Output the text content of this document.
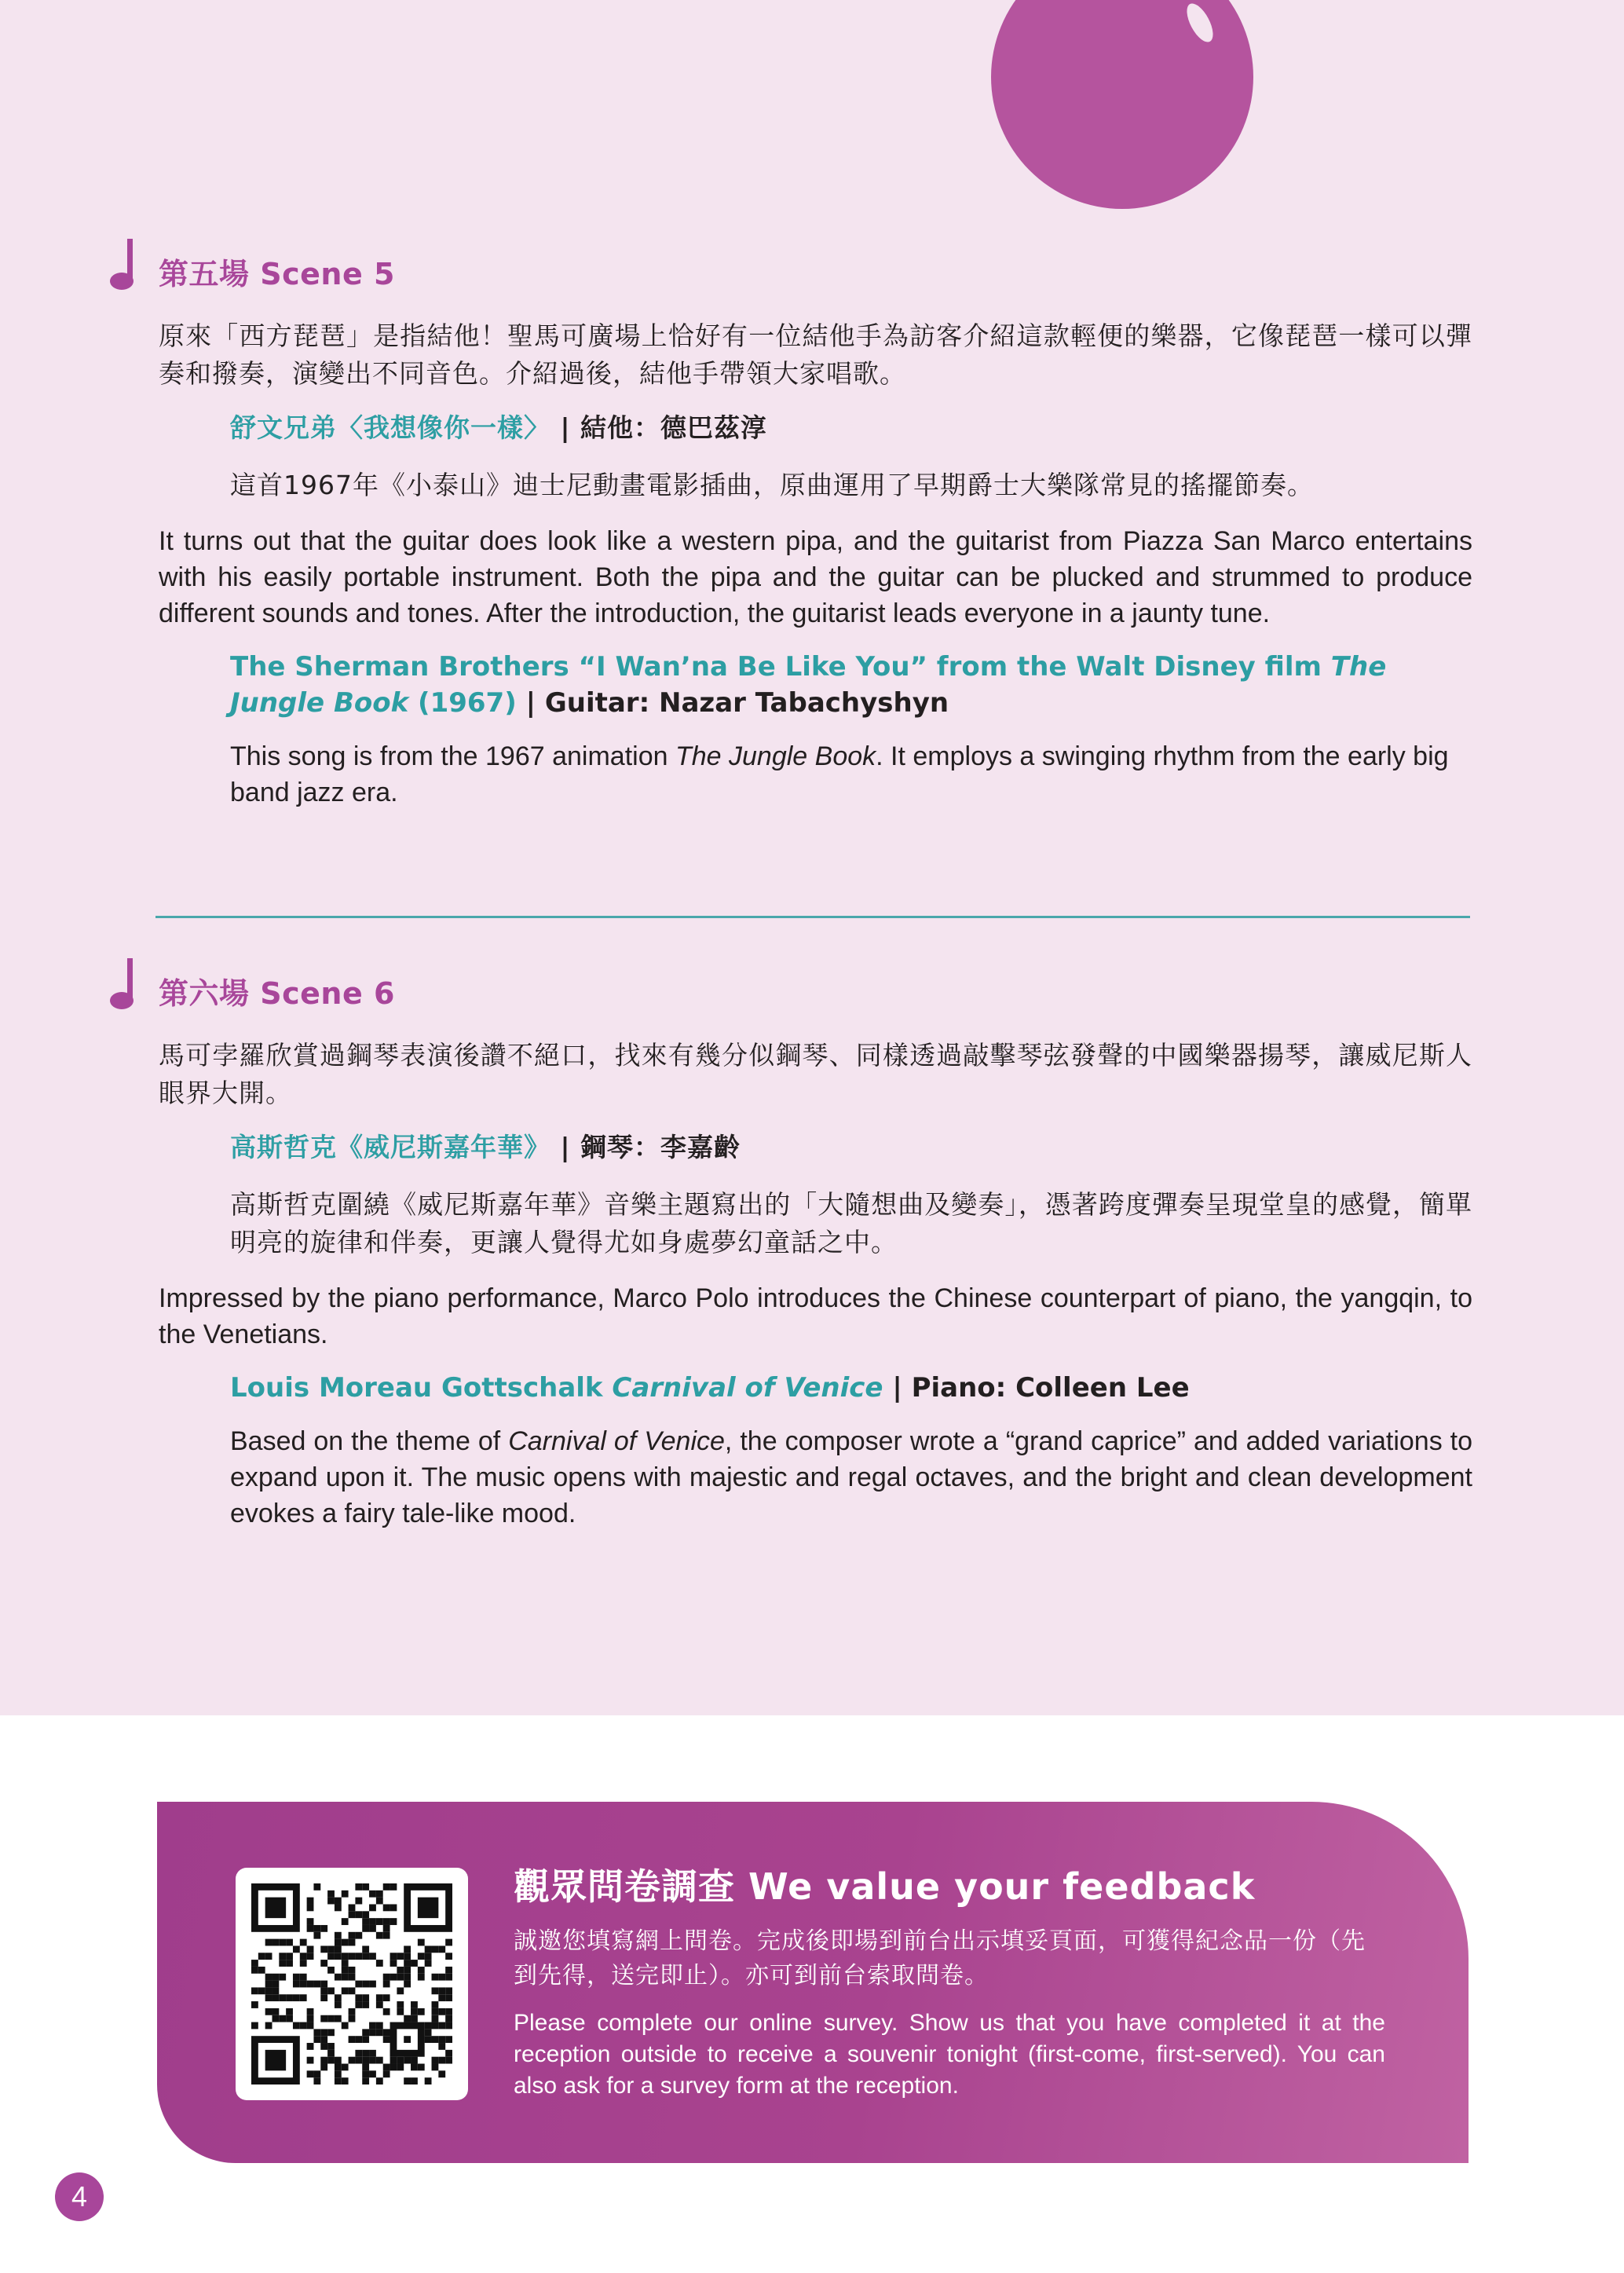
第五場 Scene 5

原來「西方琵琶」是指結他！聖馬可廣場上恰好有一位結他手為訪客介紹這款輕便的樂器，它像琵琶一樣可以彈奏和撥奏，演變出不同音色。介紹過後，結他手帶領大家唱歌。

舒文兄弟〈我想像你一樣〉 | 結他：德巴茲淳

這首1967年《小泰山》迪士尼動畫電影插曲，原曲運用了早期爵士大樂隊常見的搖擺節奏。

It turns out that the guitar does look like a western pipa, and the guitarist from Piazza San Marco entertains with his easily portable instrument. Both the pipa and the guitar can be plucked and strummed to produce different sounds and tones. After the introduction, the guitarist leads everyone in a jaunty tune.

The Sherman Brothers “I Wan’na Be Like You” from the Walt Disney film The Jungle Book (1967) | Guitar: Nazar Tabachyshyn

This song is from the 1967 animation The Jungle Book. It employs a swinging rhythm from the early big band jazz era.

第六場 Scene 6

馬可孛羅欣賞過鋼琴表演後讚不絕口，找來有幾分似鋼琴、同樣透過敲擊琴弦發聲的中國樂器揚琴，讓威尼斯人眼界大開。

高斯哲克《威尼斯嘉年華》 | 鋼琴：李嘉齡

高斯哲克圍繞《威尼斯嘉年華》音樂主題寫出的「大隨想曲及變奏」，憑著跨度彈奏呈現堂皇的感覺，簡單明亮的旋律和伴奏，更讓人覺得尤如身處夢幻童話之中。

Impressed by the piano performance, Marco Polo introduces the Chinese counterpart of piano, the yangqin, to the Venetians.

Louis Moreau Gottschalk Carnival of Venice | Piano: Colleen Lee

Based on the theme of Carnival of Venice, the composer wrote a “grand caprice” and added variations to expand upon it. The music opens with majestic and regal octaves, and the bright and clean development evokes a fairy tale-like mood.

觀眾問卷調查 We value your feedback

誠邀您填寫網上問卷。完成後即場到前台出示填妥頁面，可獲得紀念品一份（先到先得，送完即止）。亦可到前台索取問卷。

Please complete our online survey. Show us that you have completed it at the reception outside to receive a souvenir tonight (first-come, first-served). You can also ask for a survey form at the reception.

4
